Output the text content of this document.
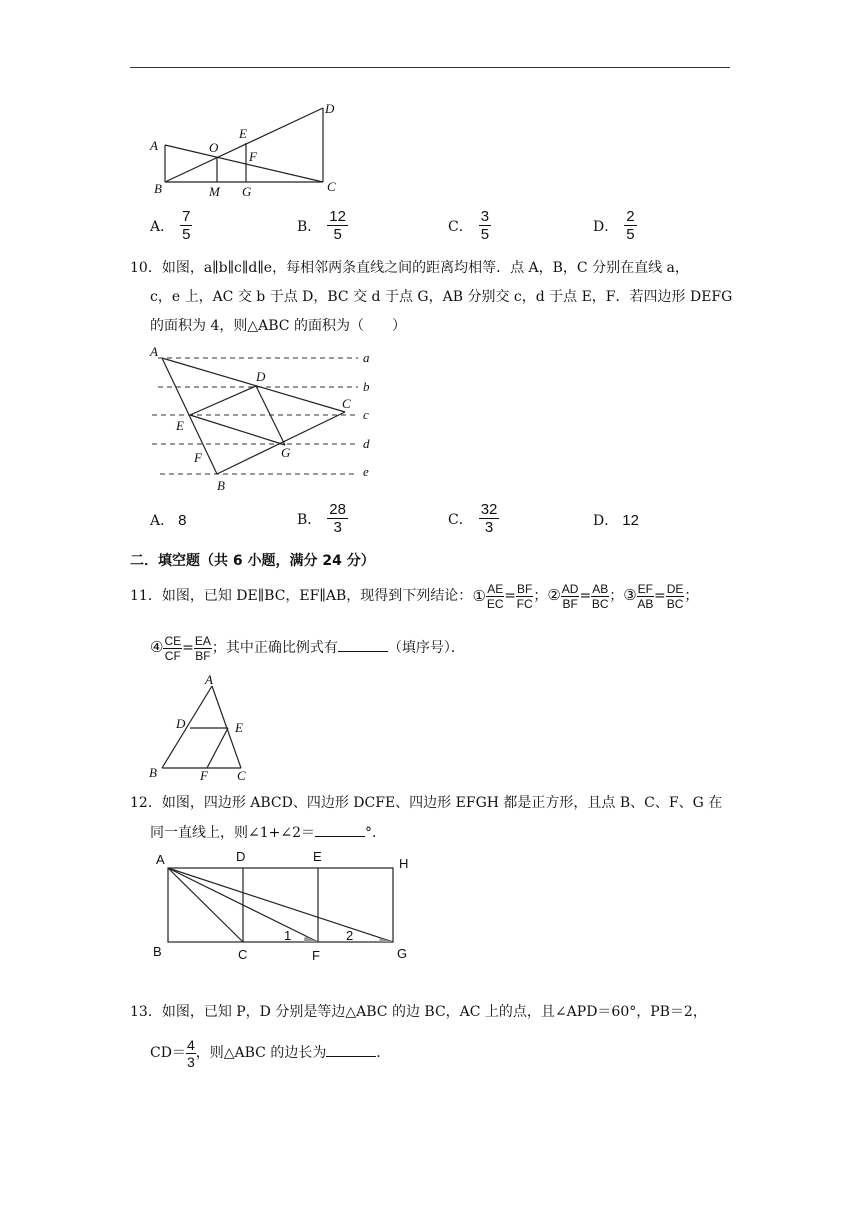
A
B	C
D
E
F
O
M G
A． $\frac{7}{5}$	B． $\frac{12}{5}$	C． $\frac{3}{5}$	D． $\frac{2}{5}$
10．如图，a∥b∥c∥d∥e，每相邻两条直线之间的距离均相等．点 A，B，C 分别在直线 a，
c，e 上，AC 交 b 于点 D，BC 交 d 于点 G，AB 分别交 c，d 于点 E，F．若四边形 DEFG
的面积为 4，则△ABC 的面积为（　　）
A
B
C
D
E
F	G
a
b
c
d
e
A． 8	B． $\frac{28}{3}$	C． $\frac{32}{3}$	D． 12
二．填空题（共 6 小题，满分 24 分）
11．如图，已知 DE∥BC，EF∥AB，现得到下列结论：① $\frac{AE}{EC} = \frac{BF}{FC}$ ；② $\frac{AD}{BF} = \frac{AB}{BC}$ ；③ $\frac{EF}{AB} = \frac{DE}{BC}$ ；
④ $\frac{CE}{CF} = \frac{EA}{BF}$ ；其中正确比例式有	（填序号）．
A
B	C
D	E
F
12．如图，四边形 ABCD、四边形 DCFE、四边形 EFGH 都是正方形，且点 B、C、F、G 在
同一直线上，则∠1+∠2＝	°．
A
B	C
D	E
F	G
H
1	2
13．如图，已知 P，D 分别是等边△ABC 的边 BC，AC 上的点，且∠APD＝60°，PB＝2，
$CD= \frac{4}{3}$ ，则△ABC 的边长为	．
